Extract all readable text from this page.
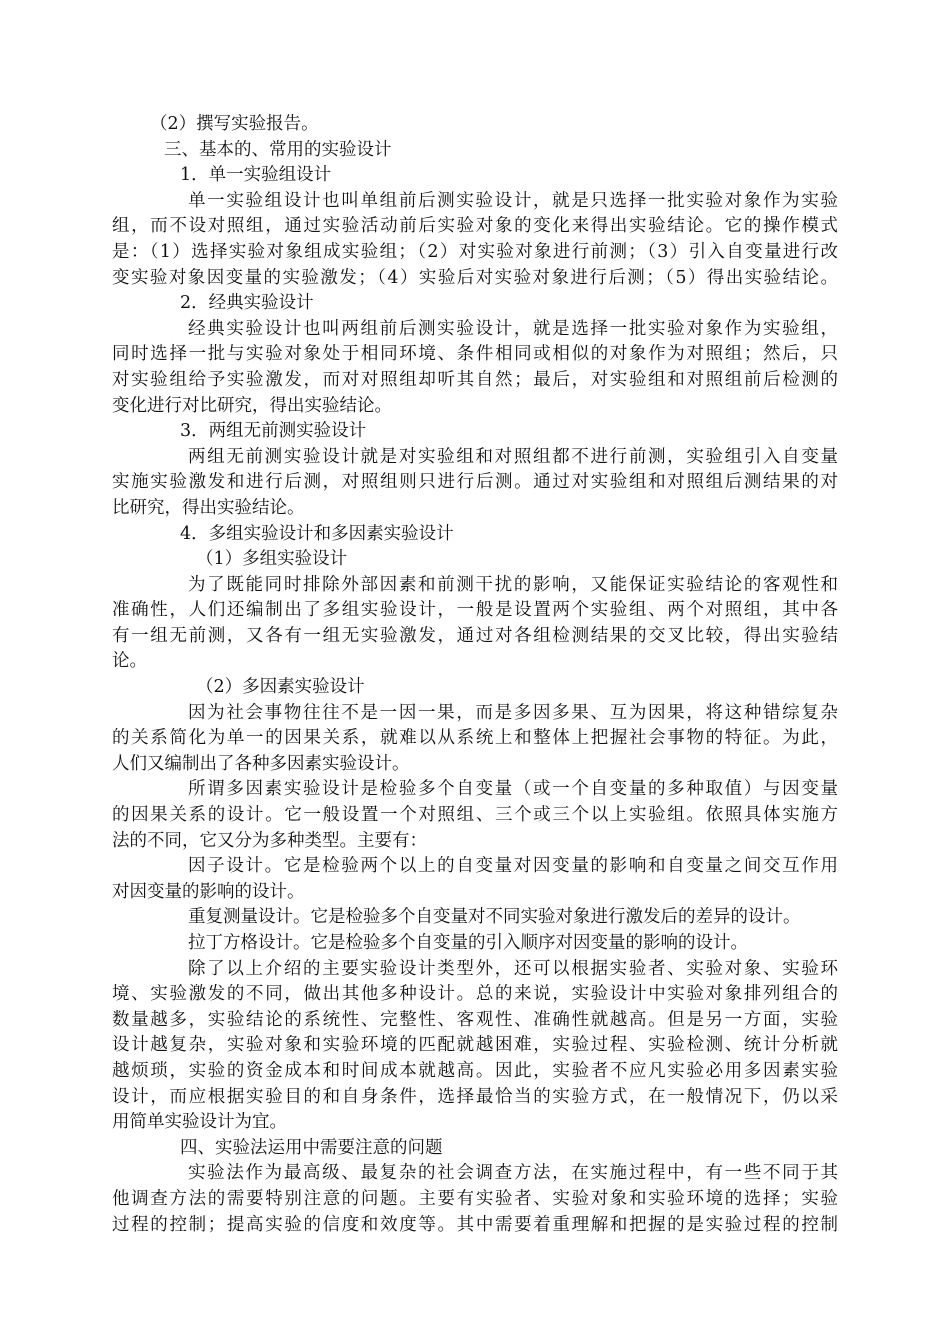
（2）撰写实验报告。
三、基本的、常用的实验设计
1．单一实验组设计
单一实验组设计也叫单组前后测实验设计，就是只选择一批实验对象作为实验
组，而不设对照组，通过实验活动前后实验对象的变化来得出实验结论。它的操作模式
是：（1）选择实验对象组成实验组；（2）对实验对象进行前测；（3）引入自变量进行改
变实验对象因变量的实验激发；（4）实验后对实验对象进行后测；（5）得出实验结论。
2．经典实验设计
经典实验设计也叫两组前后测实验设计，就是选择一批实验对象作为实验组，
同时选择一批与实验对象处于相同环境、条件相同或相似的对象作为对照组；然后，只
对实验组给予实验激发，而对对照组却听其自然；最后，对实验组和对照组前后检测的
变化进行对比研究，得出实验结论。
3．两组无前测实验设计
两组无前测实验设计就是对实验组和对照组都不进行前测，实验组引入自变量
实施实验激发和进行后测，对照组则只进行后测。通过对实验组和对照组后测结果的对
比研究，得出实验结论。
4．多组实验设计和多因素实验设计
（1）多组实验设计
为了既能同时排除外部因素和前测干扰的影响，又能保证实验结论的客观性和
准确性，人们还编制出了多组实验设计，一般是设置两个实验组、两个对照组，其中各
有一组无前测，又各有一组无实验激发，通过对各组检测结果的交叉比较，得出实验结
论。
（2）多因素实验设计
因为社会事物往往不是一因一果，而是多因多果、互为因果，将这种错综复杂
的关系简化为单一的因果关系，就难以从系统上和整体上把握社会事物的特征。为此，
人们又编制出了各种多因素实验设计。
所谓多因素实验设计是检验多个自变量（或一个自变量的多种取值）与因变量
的因果关系的设计。它一般设置一个对照组、三个或三个以上实验组。依照具体实施方
法的不同，它又分为多种类型。主要有：
因子设计。它是检验两个以上的自变量对因变量的影响和自变量之间交互作用
对因变量的影响的设计。
重复测量设计。它是检验多个自变量对不同实验对象进行激发后的差异的设计。
拉丁方格设计。它是检验多个自变量的引入顺序对因变量的影响的设计。
除了以上介绍的主要实验设计类型外，还可以根据实验者、实验对象、实验环
境、实验激发的不同，做出其他多种设计。总的来说，实验设计中实验对象排列组合的
数量越多，实验结论的系统性、完整性、客观性、准确性就越高。但是另一方面，实验
设计越复杂，实验对象和实验环境的匹配就越困难，实验过程、实验检测、统计分析就
越烦琐，实验的资金成本和时间成本就越高。因此，实验者不应凡实验必用多因素实验
设计，而应根据实验目的和自身条件，选择最恰当的实验方式，在一般情况下，仍以采
用简单实验设计为宜。
四、实验法运用中需要注意的问题
实验法作为最高级、最复杂的社会调查方法，在实施过程中，有一些不同于其
他调查方法的需要特别注意的问题。主要有实验者、实验对象和实验环境的选择；实验
过程的控制；提高实验的信度和效度等。其中需要着重理解和把握的是实验过程的控制
